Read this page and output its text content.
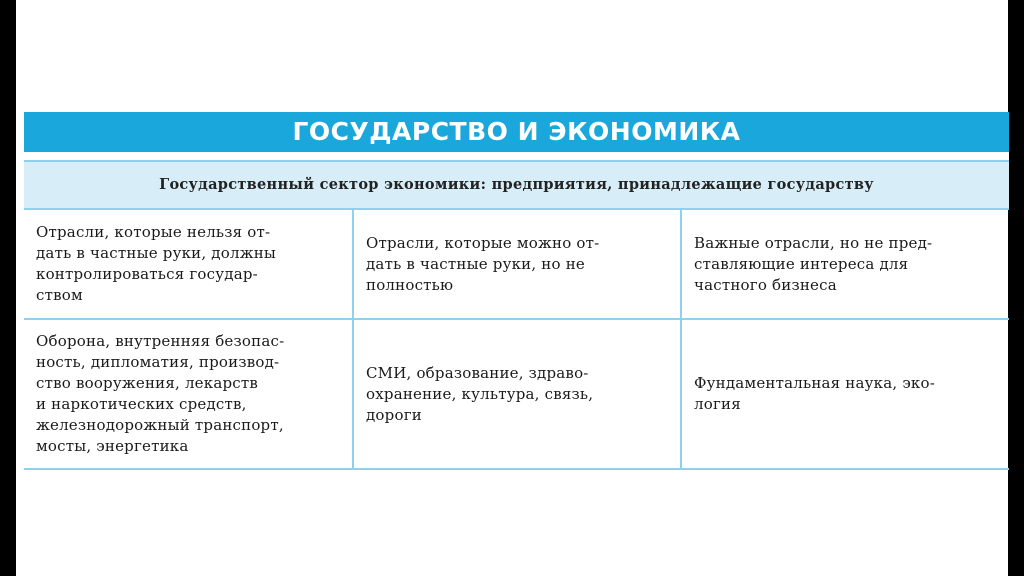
ГОСУДАРСТВО И ЭКОНОМИКА
Государственный сектор экономики: предприятия, принадлежащие государству
Отрасли, которые нельзя от-
дать в частные руки, должны
контролироваться государ-
ством
Отрасли, которые можно от-
дать в частные руки, но не
полностью
Важные отрасли, но не пред-
ставляющие интереса для
частного бизнеса
Оборона, внутренняя безопас-
ность, дипломатия, производ-
ство вооружения, лекарств
и наркотических средств,
железнодорожный транспорт,
мосты, энергетика
СМИ, образование, здраво-
охранение, культура, связь,
дороги
Фундаментальная наука, эко-
логия
